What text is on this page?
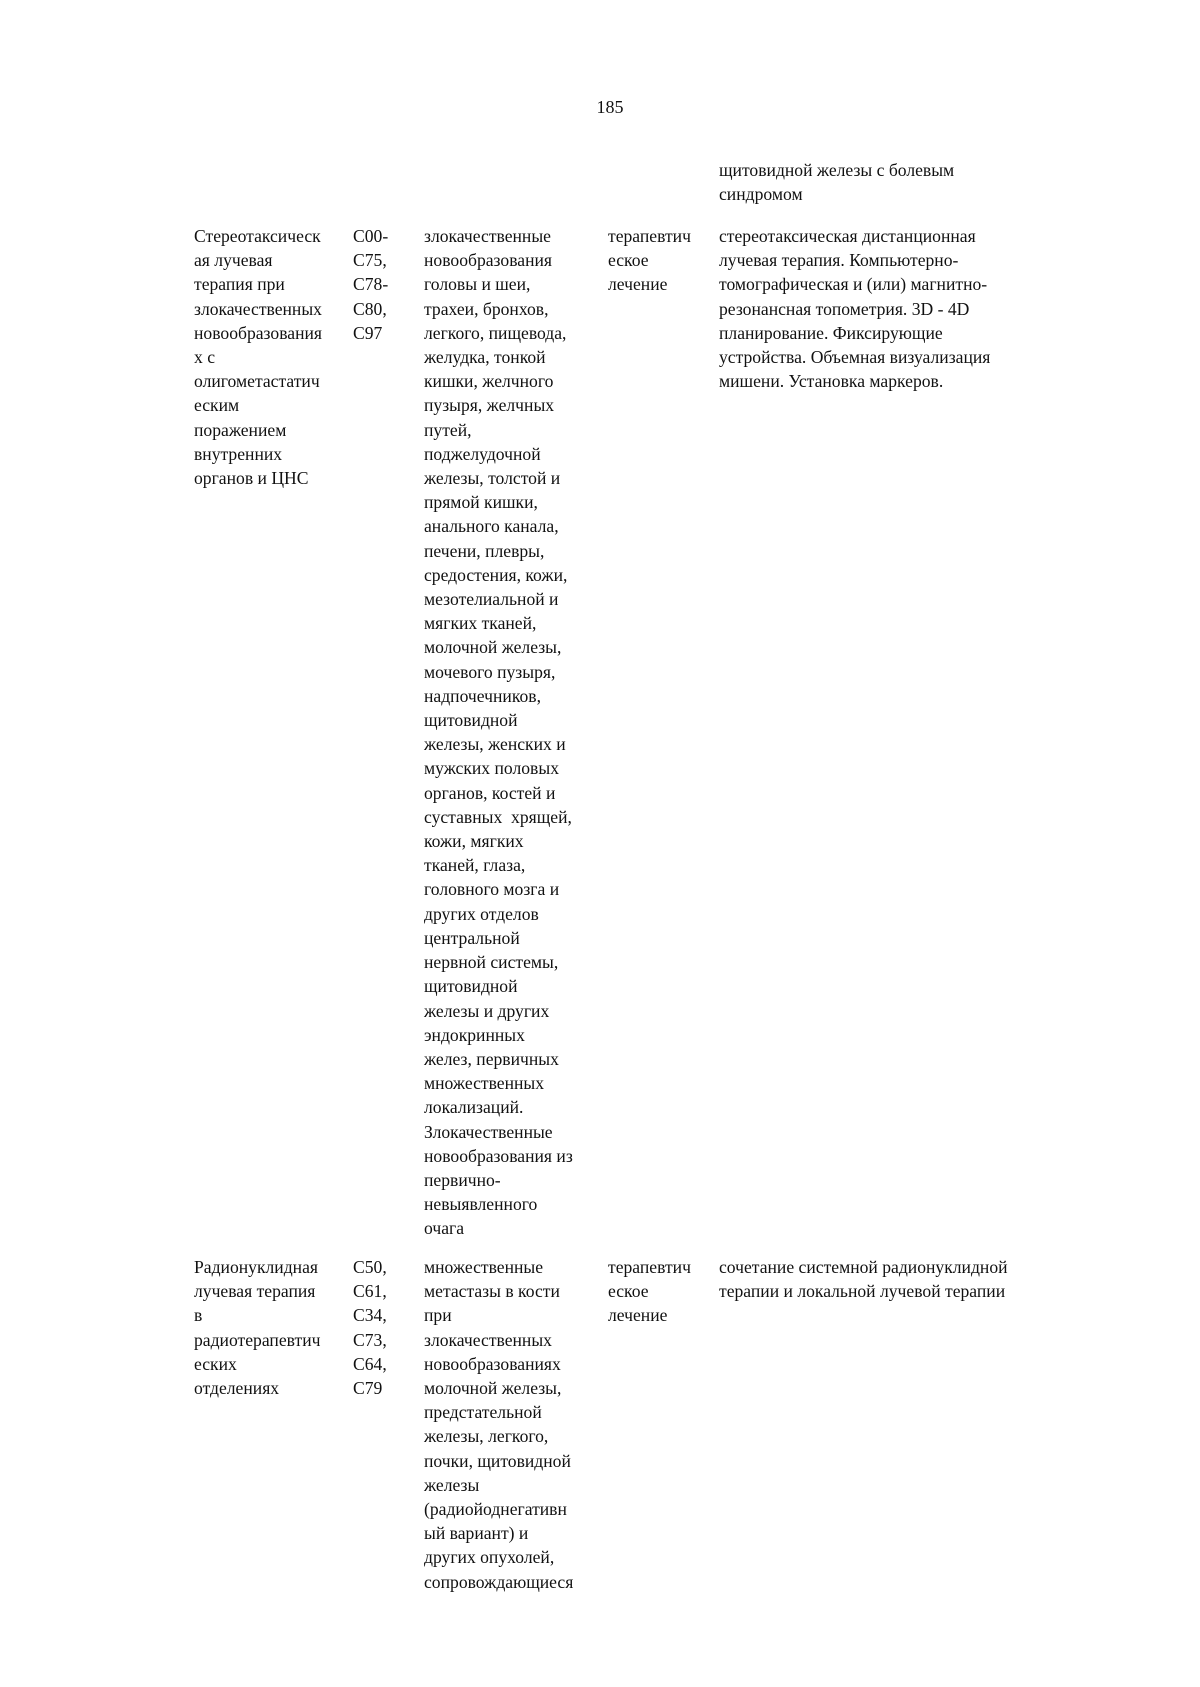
185
щитовидной железы с болевым
синдромом
Стереотаксическ
ая лучевая
терапия при
злокачественных
новообразования
х с
олигометастатич
еским
поражением
внутренних
органов и ЦНС
C00-
C75,
C78-
C80,
C97
злокачественные
новообразования
головы и шеи,
трахеи, бронхов,
легкого, пищевода,
желудка, тонкой
кишки, желчного
пузыря, желчных
путей,
поджелудочной
железы, толстой и
прямой кишки,
анального канала,
печени, плевры,
средостения, кожи,
мезотелиальной и
мягких тканей,
молочной железы,
мочевого пузыря,
надпочечников,
щитовидной
железы, женских и
мужских половых
органов, костей и
суставных  хрящей,
кожи, мягких
тканей, глаза,
головного мозга и
других отделов
центральной
нервной системы,
щитовидной
железы и других
эндокринных
желез, первичных
множественных
локализаций.
Злокачественные
новообразования из
первично-
невыявленного
очага
терапевтич
еское
лечение
стереотаксическая дистанционная
лучевая терапия. Компьютерно-
томографическая и (или) магнитно-
резонансная топометрия. 3D - 4D
планирование. Фиксирующие
устройства. Объемная визуализация
мишени. Установка маркеров.
Радионуклидная
лучевая терапия
в
радиотерапевтич
еских
отделениях
C50,
C61,
C34,
C73,
C64,
C79
множественные
метастазы в кости
при
злокачественных
новообразованиях
молочной железы,
предстательной
железы, легкого,
почки, щитовидной
железы
(радиойоднегативн
ый вариант) и
других опухолей,
сопровождающиеся
терапевтич
еское
лечение
сочетание системной радионуклидной
терапии и локальной лучевой терапии
